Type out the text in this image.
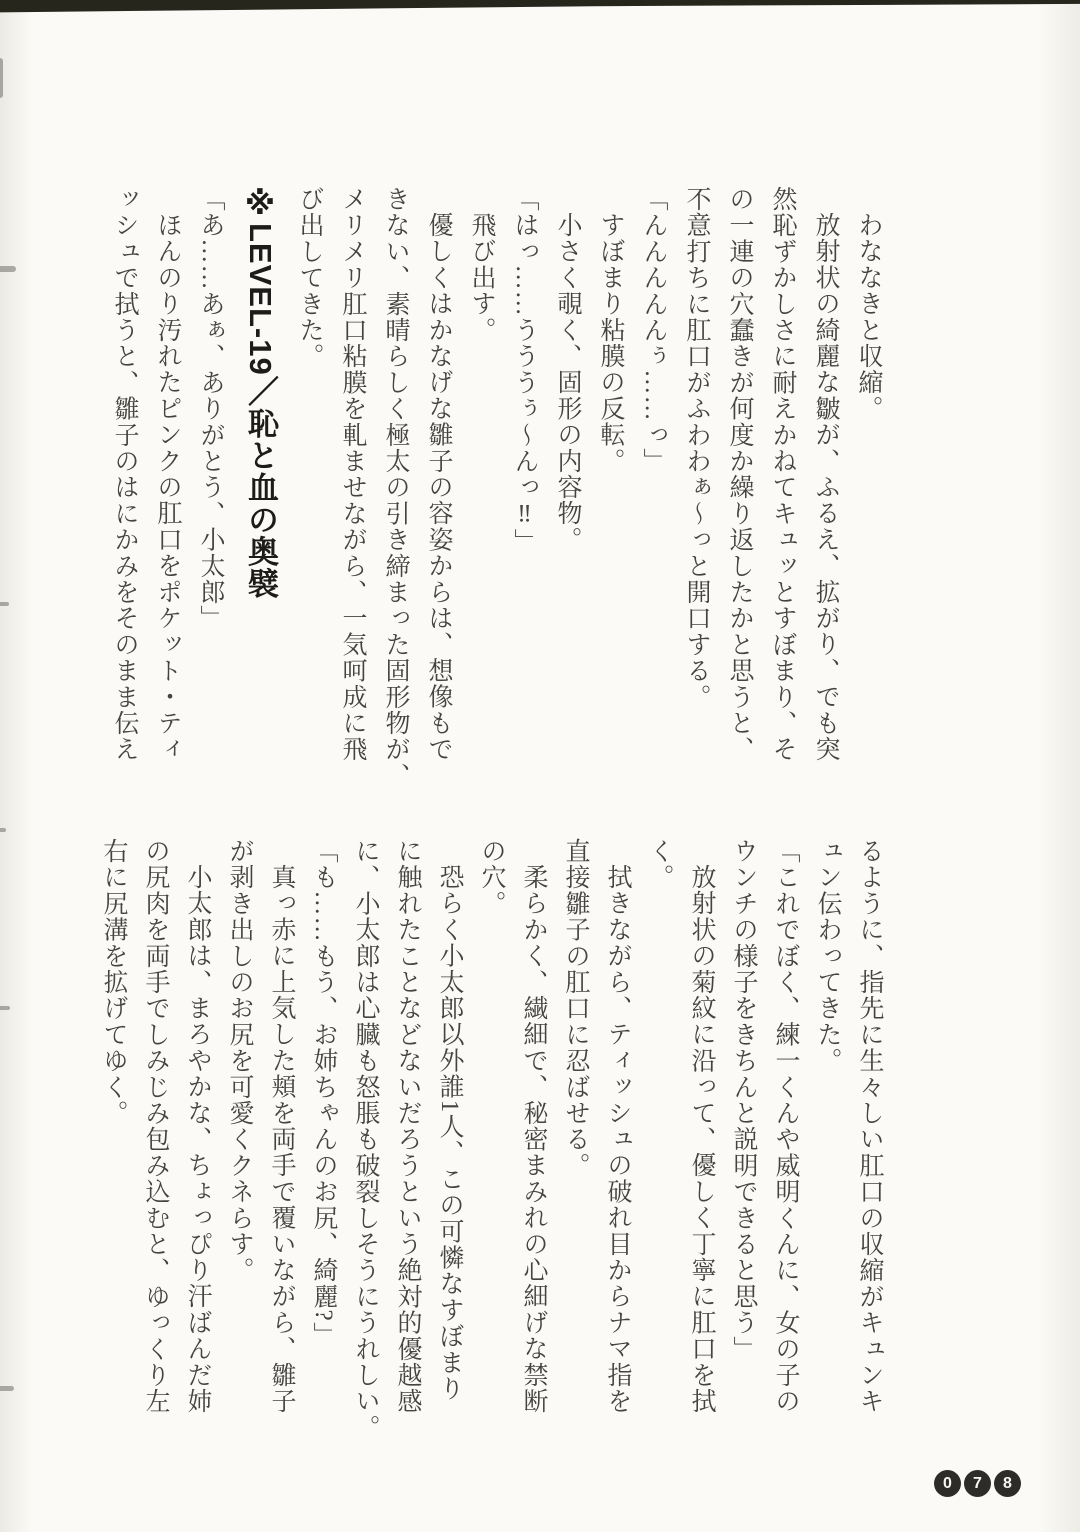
わななきと収縮。
放射状の綺麗な皺が、ふるえ、拡がり、でも突
然恥ずかしさに耐えかねてキュッとすぼまり、そ
の一連の穴蠢きが何度か繰り返したかと思うと、
不意打ちに肛口がふわわぁ〜っと開口する。
「んんんんんぅ……っ」
すぼまり粘膜の反転。
小さく覗く、固形の内容物。
「はっ……うううぅ〜んっ‼」
飛び出す。
優しくはかなげな雛子の容姿からは、想像もで
きない、素晴らしく極太の引き締まった固形物が、
メリメリ肛口粘膜を軋ませながら、一気呵成に飛
び出してきた。
※LEVEL-19／恥と血の奥襞
「あ……あぁ、ありがとう、小太郎」
ほんのり汚れたピンクの肛口をポケット・ティ
ッシュで拭うと、雛子のはにかみをそのまま伝え
るように、指先に生々しい肛口の収縮がキュンキ
ュン伝わってきた。
「これでぼく、練一くんや威明くんに、女の子の
ウンチの様子をきちんと説明できると思う」
放射状の菊紋に沿って、優しく丁寧に肛口を拭
く。
拭きながら、ティッシュの破れ目からナマ指を
直接雛子の肛口に忍ばせる。
柔らかく、繊細で、秘密まみれの心細げな禁断
の穴。
恐らく小太郎以外誰1人、この可憐なすぼまり
に触れたことなどないだろうという絶対的優越感
に、小太郎は心臓も怒脹も破裂しそうにうれしい。
「も……もう、お姉ちゃんのお尻、綺麗?」
真っ赤に上気した頬を両手で覆いながら、雛子
が剥き出しのお尻を可愛くクネらす。
小太郎は、まろやかな、ちょっぴり汗ばんだ姉
の尻肉を両手でしみじみ包み込むと、ゆっくり左
右に尻溝を拡げてゆく。
0	7	8
